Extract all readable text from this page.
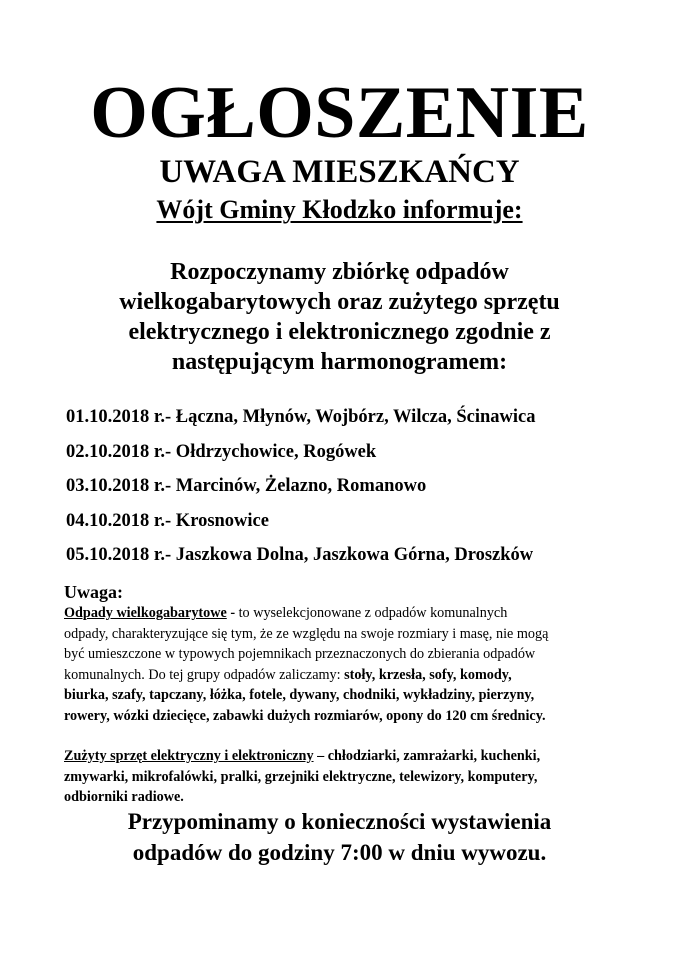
OGŁOSZENIE
UWAGA MIESZKAŃCY
Wójt Gminy Kłodzko informuje:
Rozpoczynamy zbiórkę odpadów
wielkogabarytowych oraz zużytego sprzętu
elektrycznego i elektronicznego zgodnie z
następującym harmonogramem:
01.10.2018 r.- Łączna, Młynów, Wojbórz, Wilcza, Ścinawica
02.10.2018 r.- Ołdrzychowice, Rogówek
03.10.2018 r.- Marcinów, Żelazno, Romanowo
04.10.2018 r.- Krosnowice
05.10.2018 r.- Jaszkowa Dolna, Jaszkowa Górna, Droszków
Uwaga:

Odpady wielkogabarytowe - to wyselekcjonowane z odpadów komunalnych
odpady, charakteryzujące się tym, że ze względu na swoje rozmiary i masę, nie mogą
być umieszczone w typowych pojemnikach przeznaczonych do zbierania odpadów
komunalnych. Do tej grupy odpadów zaliczamy: stoły, krzesła, sofy, komody,
biurka, szafy, tapczany, łóżka, fotele, dywany, chodniki, wykładziny, pierzyny,
rowery, wózki dziecięce, zabawki dużych rozmiarów, opony do 120 cm średnicy.

Zużyty sprzęt elektryczny i elektroniczny – chłodziarki, zamrażarki, kuchenki,
zmywarki, mikrofalówki, pralki, grzejniki elektryczne, telewizory, komputery,
odbiorniki radiowe.

Przypominamy o konieczności wystawienia
odpadów do godziny 7:00 w dniu wywozu.
